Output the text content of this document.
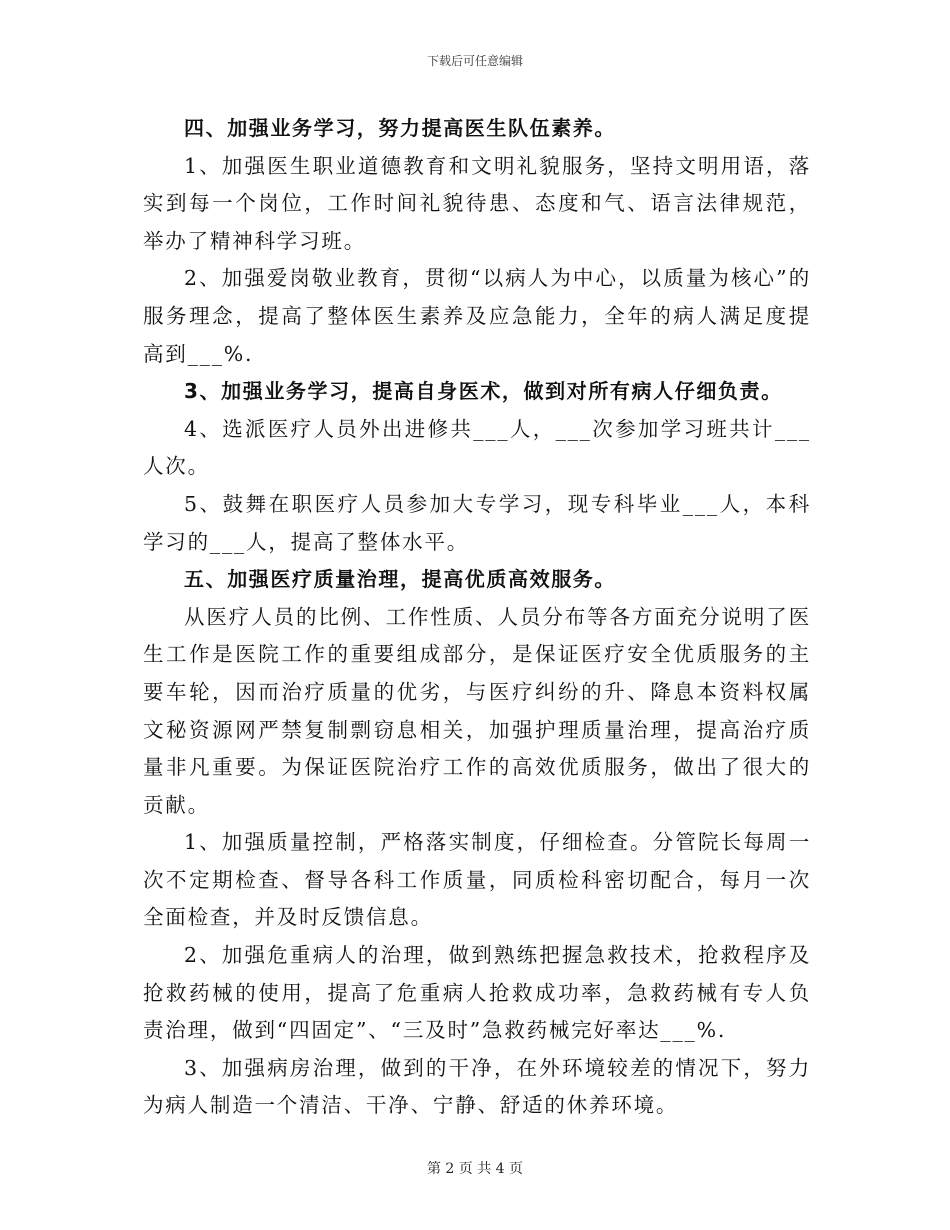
下载后可任意编辑

四、加强业务学习，努力提高医生队伍素养。

1、加强医生职业道德教育和文明礼貌服务，坚持文明用语，落实到每一个岗位，工作时间礼貌待患、态度和气、语言法律规范，举办了精神科学习班。

2、加强爱岗敬业教育，贯彻“以病人为中心，以质量为核心”的服务理念，提高了整体医生素养及应急能力，全年的病人满足度提高到___%.

3、加强业务学习，提高自身医术，做到对所有病人仔细负责。

4、选派医疗人员外出进修共___人，___次参加学习班共计___人次。

5、鼓舞在职医疗人员参加大专学习，现专科毕业___人，本科学习的___人，提高了整体水平。

五、加强医疗质量治理，提高优质高效服务。

从医疗人员的比例、工作性质、人员分布等各方面充分说明了医生工作是医院工作的重要组成部分，是保证医疗安全优质服务的主要车轮，因而治疗质量的优劣，与医疗纠纷的升、降息本资料权属文秘资源网严禁复制剽窃息相关，加强护理质量治理，提高治疗质量非凡重要。为保证医院治疗工作的高效优质服务，做出了很大的贡献。

1、加强质量控制，严格落实制度，仔细检查。分管院长每周一次不定期检查、督导各科工作质量，同质检科密切配合，每月一次全面检查，并及时反馈信息。

2、加强危重病人的治理，做到熟练把握急救技术，抢救程序及抢救药械的使用，提高了危重病人抢救成功率，急救药械有专人负责治理，做到“四固定”、“三及时”急救药械完好率达___%.

3、加强病房治理，做到的干净，在外环境较差的情况下，努力为病人制造一个清洁、干净、宁静、舒适的休养环境。

第 2 页 共 4 页
